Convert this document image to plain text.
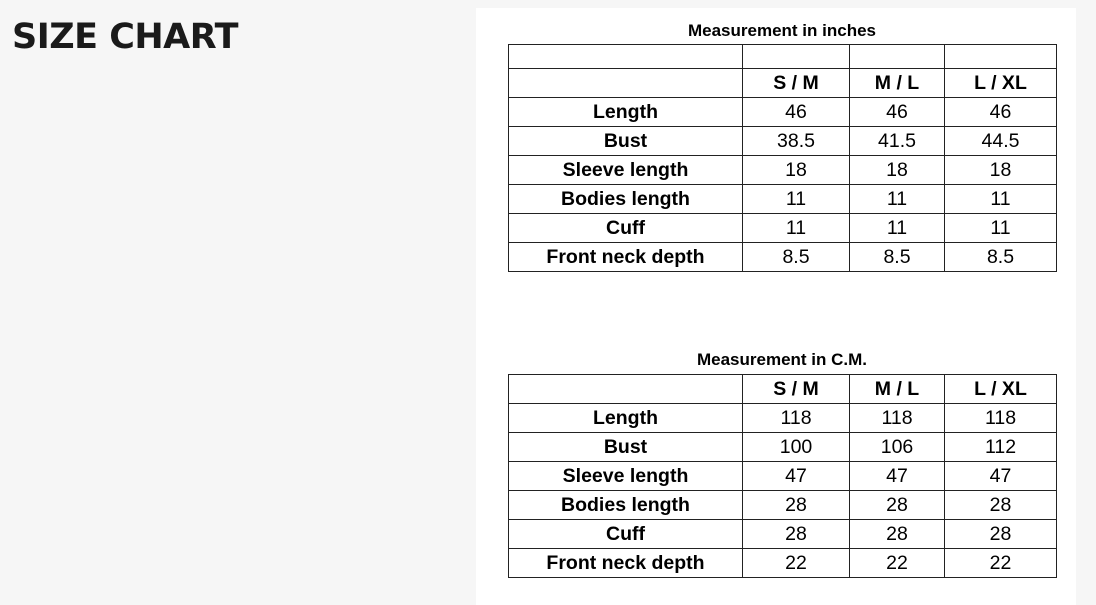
SIZE CHART	Measurement in inches

	S / M	M / L	L / XL
Length	46	46	46
Bust	38.5	41.5	44.5
Sleeve length	18	18	18
Bodies length	11	11	11
Cuff	11	11	11
Front neck depth	8.5	8.5	8.5
Measurement in C.M.
	S / M	M / L	L / XL
Length	118	118	118
Bust	100	106	112
Sleeve length	47	47	47
Bodies length	28	28	28
Cuff	28	28	28
Front neck depth	22	22	22
